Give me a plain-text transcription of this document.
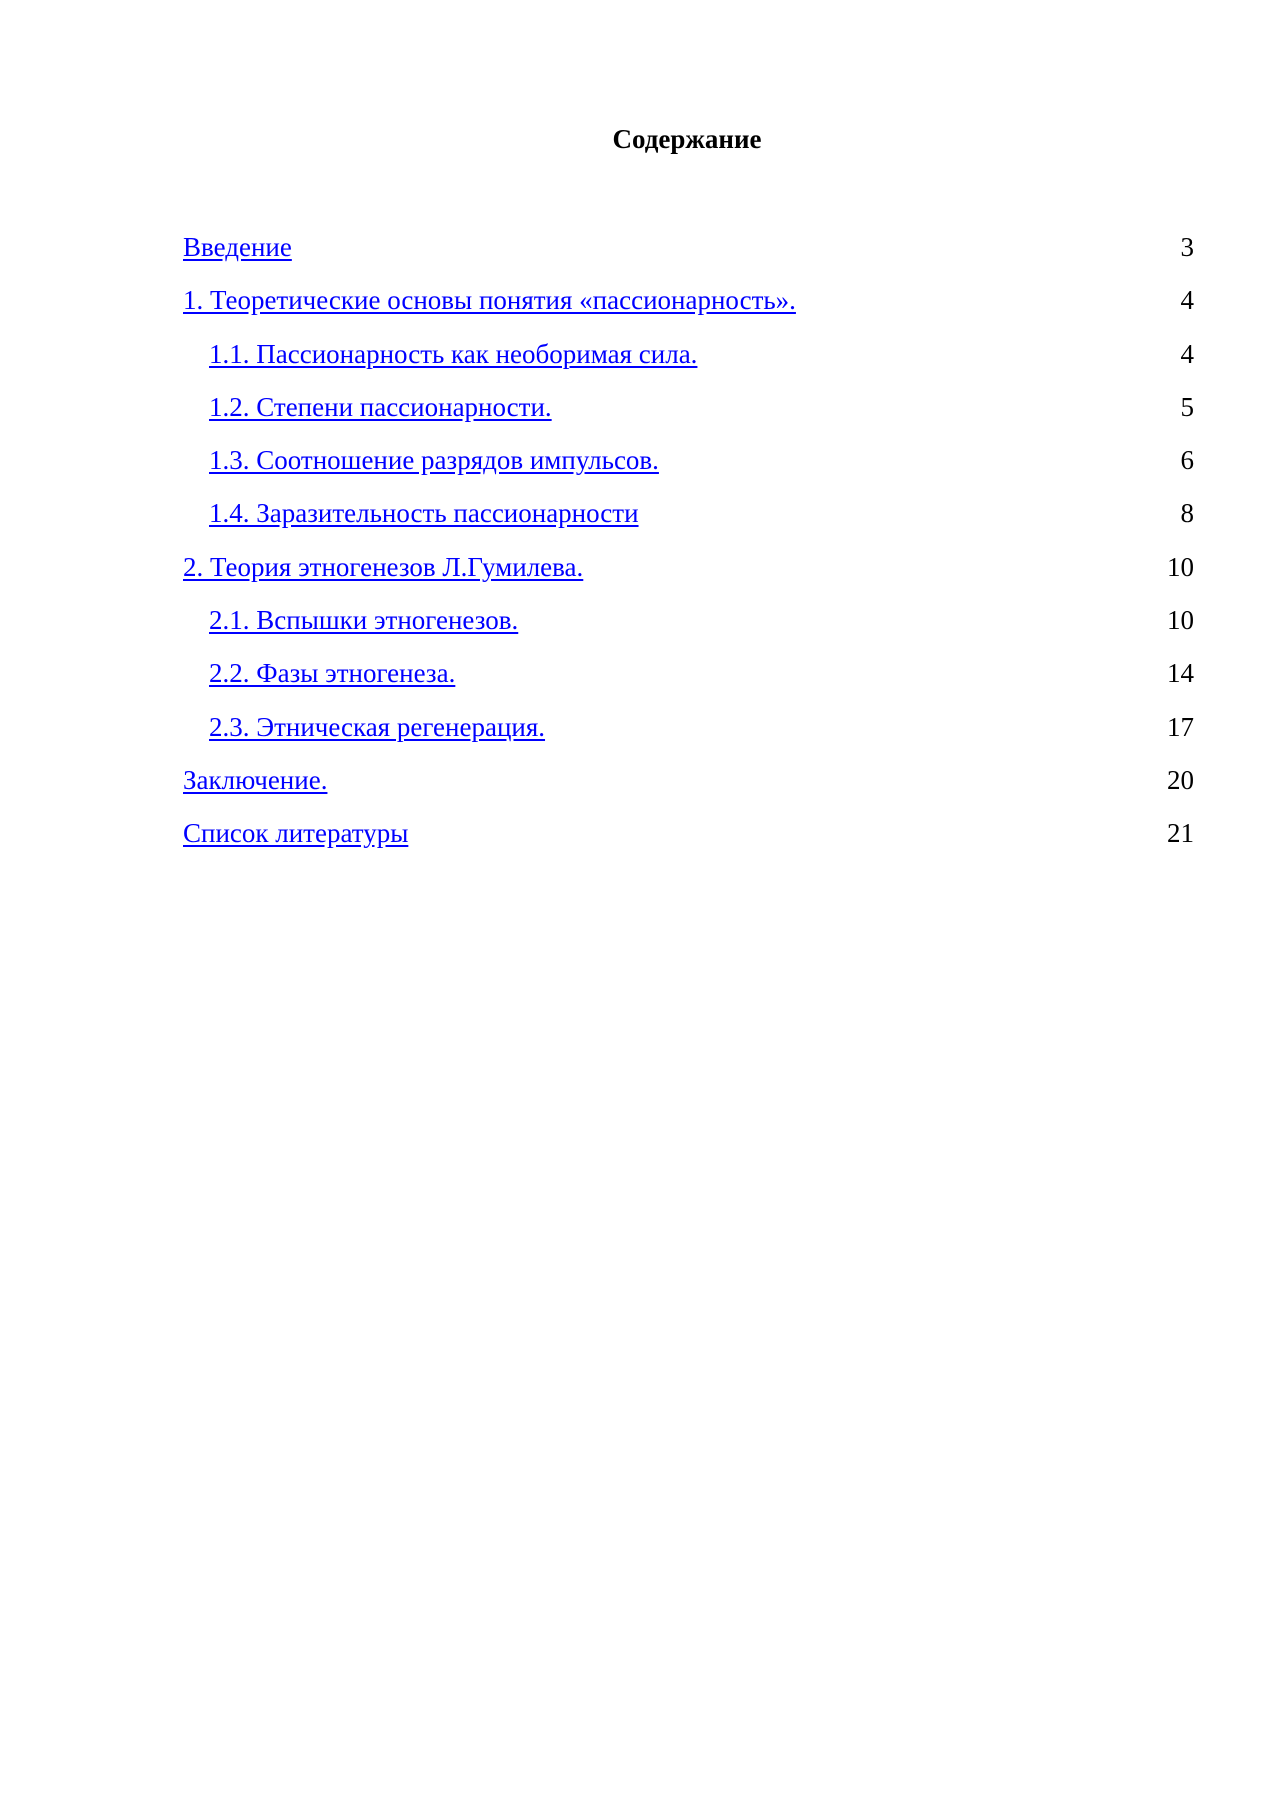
Содержание
Введение	3
1. Теоретические основы понятия «пассионарность».	4
1.1. Пассионарность как необоримая сила.	4
1.2. Степени пассионарности.	5
1.3. Соотношение разрядов импульсов.	6
1.4. Заразительность пассионарности	8
2. Теория этногенезов Л.Гумилева.	10
2.1. Вспышки этногенезов.	10
2.2. Фазы этногенеза.	14
2.3. Этническая регенерация.	17
Заключение.	20
Список литературы	21
